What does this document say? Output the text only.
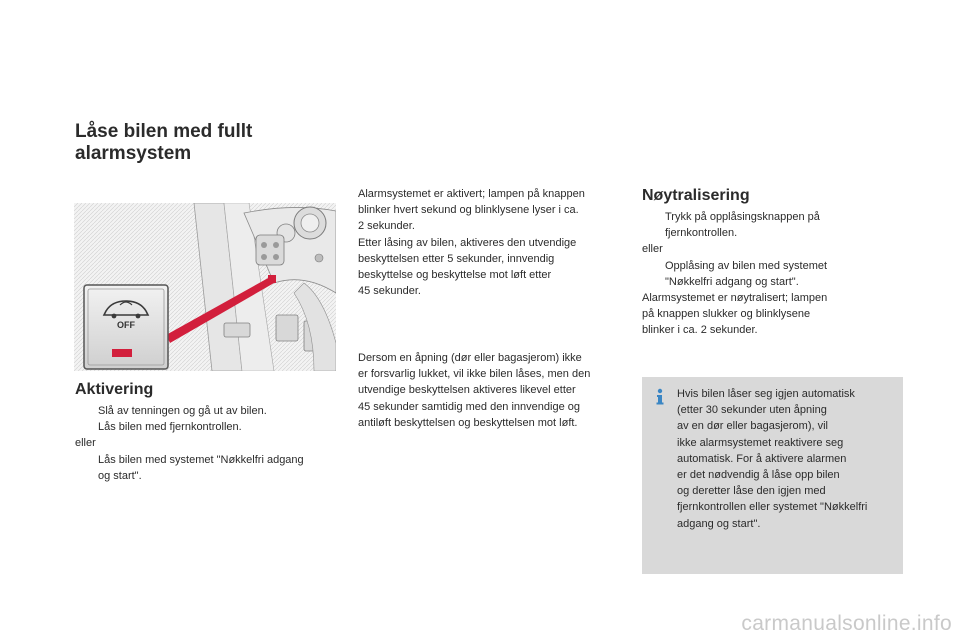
Låse bilen med fullt
alarmsystem
OFF
Aktivering

Slå av tenningen og gå ut av bilen.

Lås bilen med fjernkontrollen.

eller

Lås bilen med systemet "Nøkkelfri adgang
og start".

Alarmsystemet er aktivert; lampen på knappen
blinker hvert sekund og blinklysene lyser i ca.
2 sekunder.
Etter låsing av bilen, aktiveres den utvendige
beskyttelsen etter 5 sekunder, innvendig
beskyttelse og beskyttelse mot løft etter
45 sekunder.
Dersom en åpning (dør eller bagasjerom) ikke
er forsvarlig lukket, vil ikke bilen låses, men den
utvendige beskyttelsen aktiveres likevel etter
45 sekunder samtidig med den innvendige og
antiløft beskyttelsen og beskyttelsen mot løft.
Nøytralisering

Trykk på opplåsingsknappen på
fjernkontrollen.

eller

Opplåsing av bilen med systemet
"Nøkkelfri adgang og start".

Alarmsystemet er nøytralisert; lampen
på knappen slukker og blinklysene
blinker i ca. 2 sekunder.

Hvis bilen låser seg igjen automatisk
(etter 30 sekunder uten åpning
av en dør eller bagasjerom), vil
ikke alarmsystemet reaktivere seg
automatisk. For å aktivere alarmen
er det nødvendig å låse opp bilen
og deretter låse den igjen med
fjernkontrollen eller systemet "Nøkkelfri
adgang og start".
carmanualsonline.info
